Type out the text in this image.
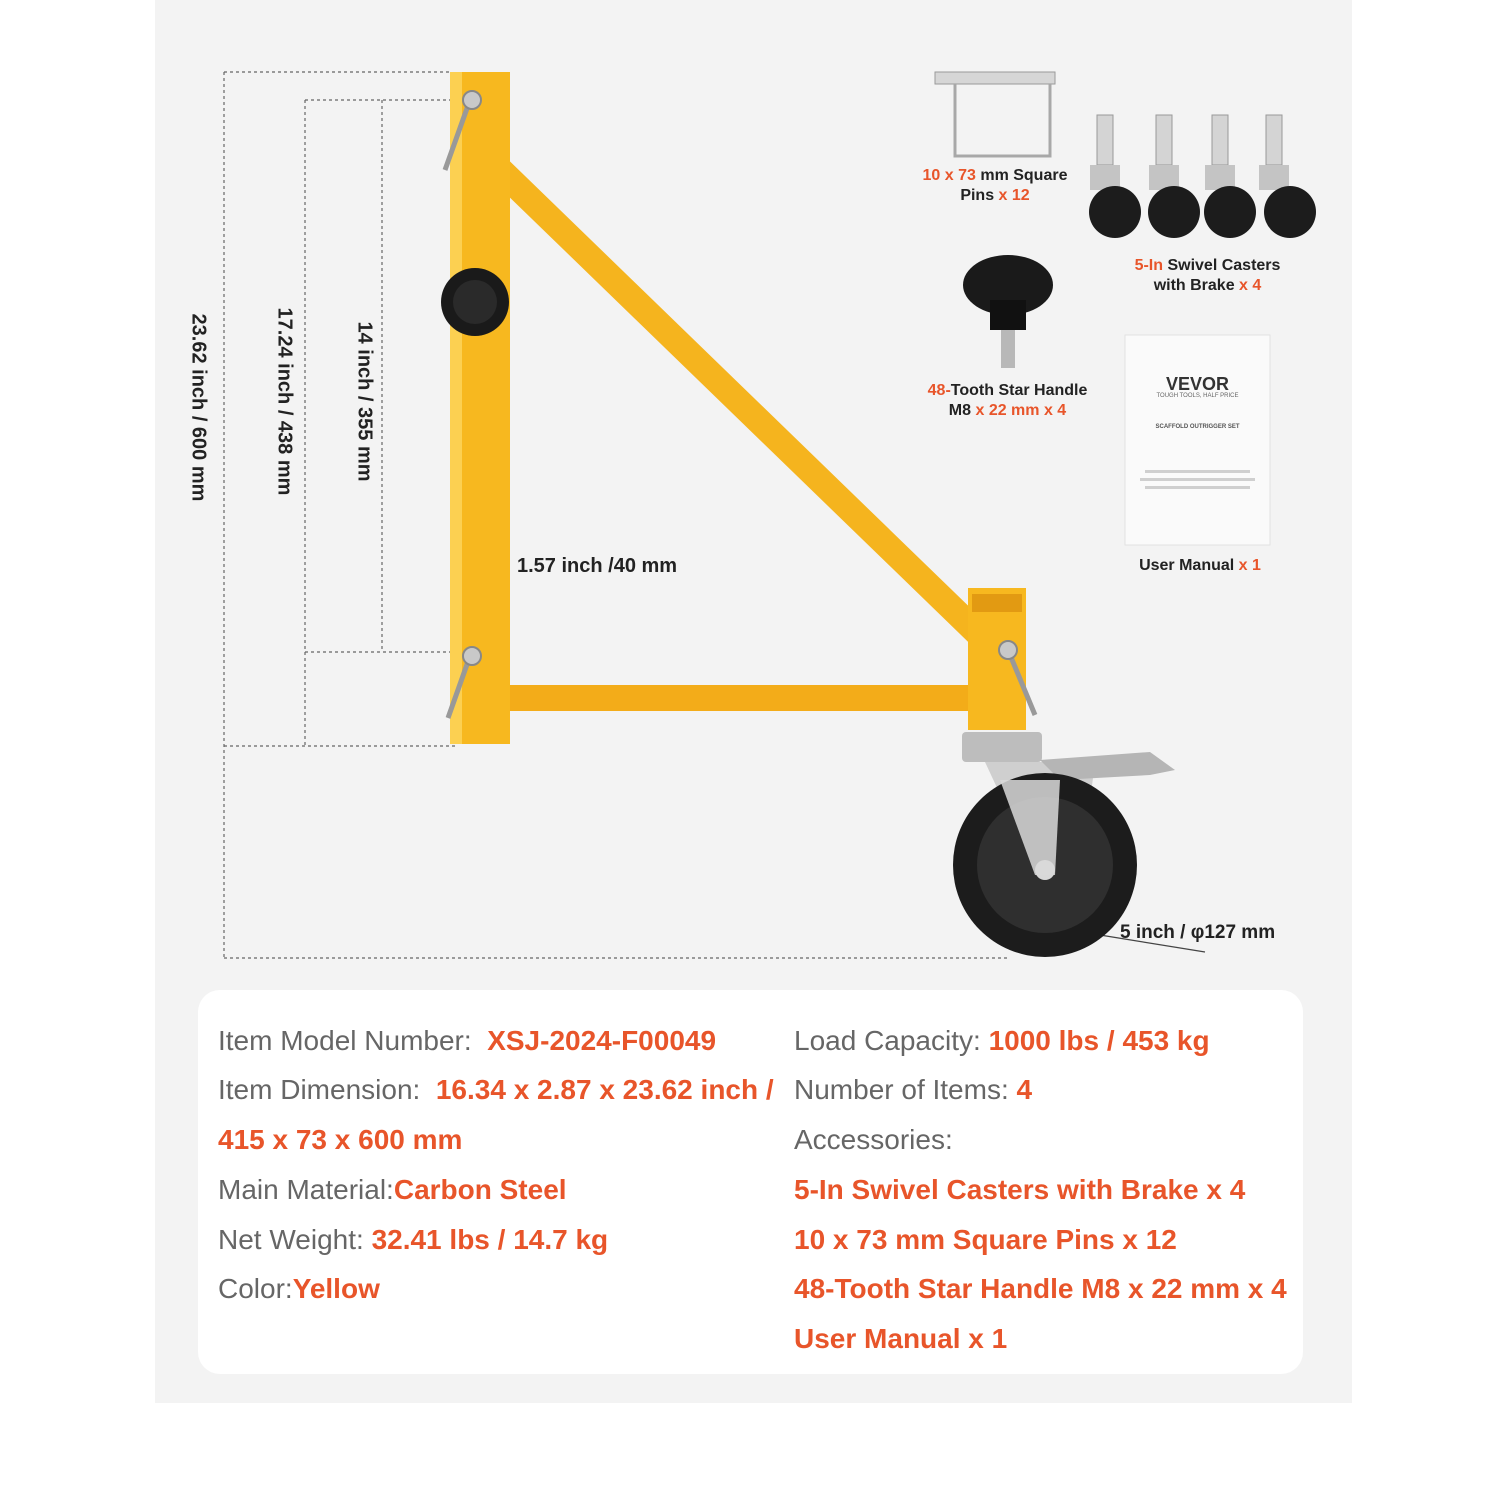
VEVOR
TOUGH TOOLS, HALF PRICE
SCAFFOLD OUTRIGGER SET
23.62 inch / 600 mm	17.24 inch / 438 mm	14 inch / 355 mm
1.57 inch /40 mm
5 inch / φ127 mm
10 x 73 mm Square
Pins x 12
5-In Swivel Casters
with Brake x 4
48-Tooth Star Handle
M8 x 22 mm x 4
User Manual x 1
Item Model Number: XSJ-2024-F00049
Item Dimension: 16.34 x 2.87 x 23.62 inch /
415 x 73 x 600 mm
Main Material:Carbon Steel
Net Weight: 32.41 lbs / 14.7 kg
Color:Yellow
Load Capacity: 1000 lbs / 453 kg
Number of Items: 4
Accessories:
5-In Swivel Casters with Brake x 4
10 x 73 mm Square Pins x 12
48-Tooth Star Handle M8 x 22 mm x 4
User Manual x 1
